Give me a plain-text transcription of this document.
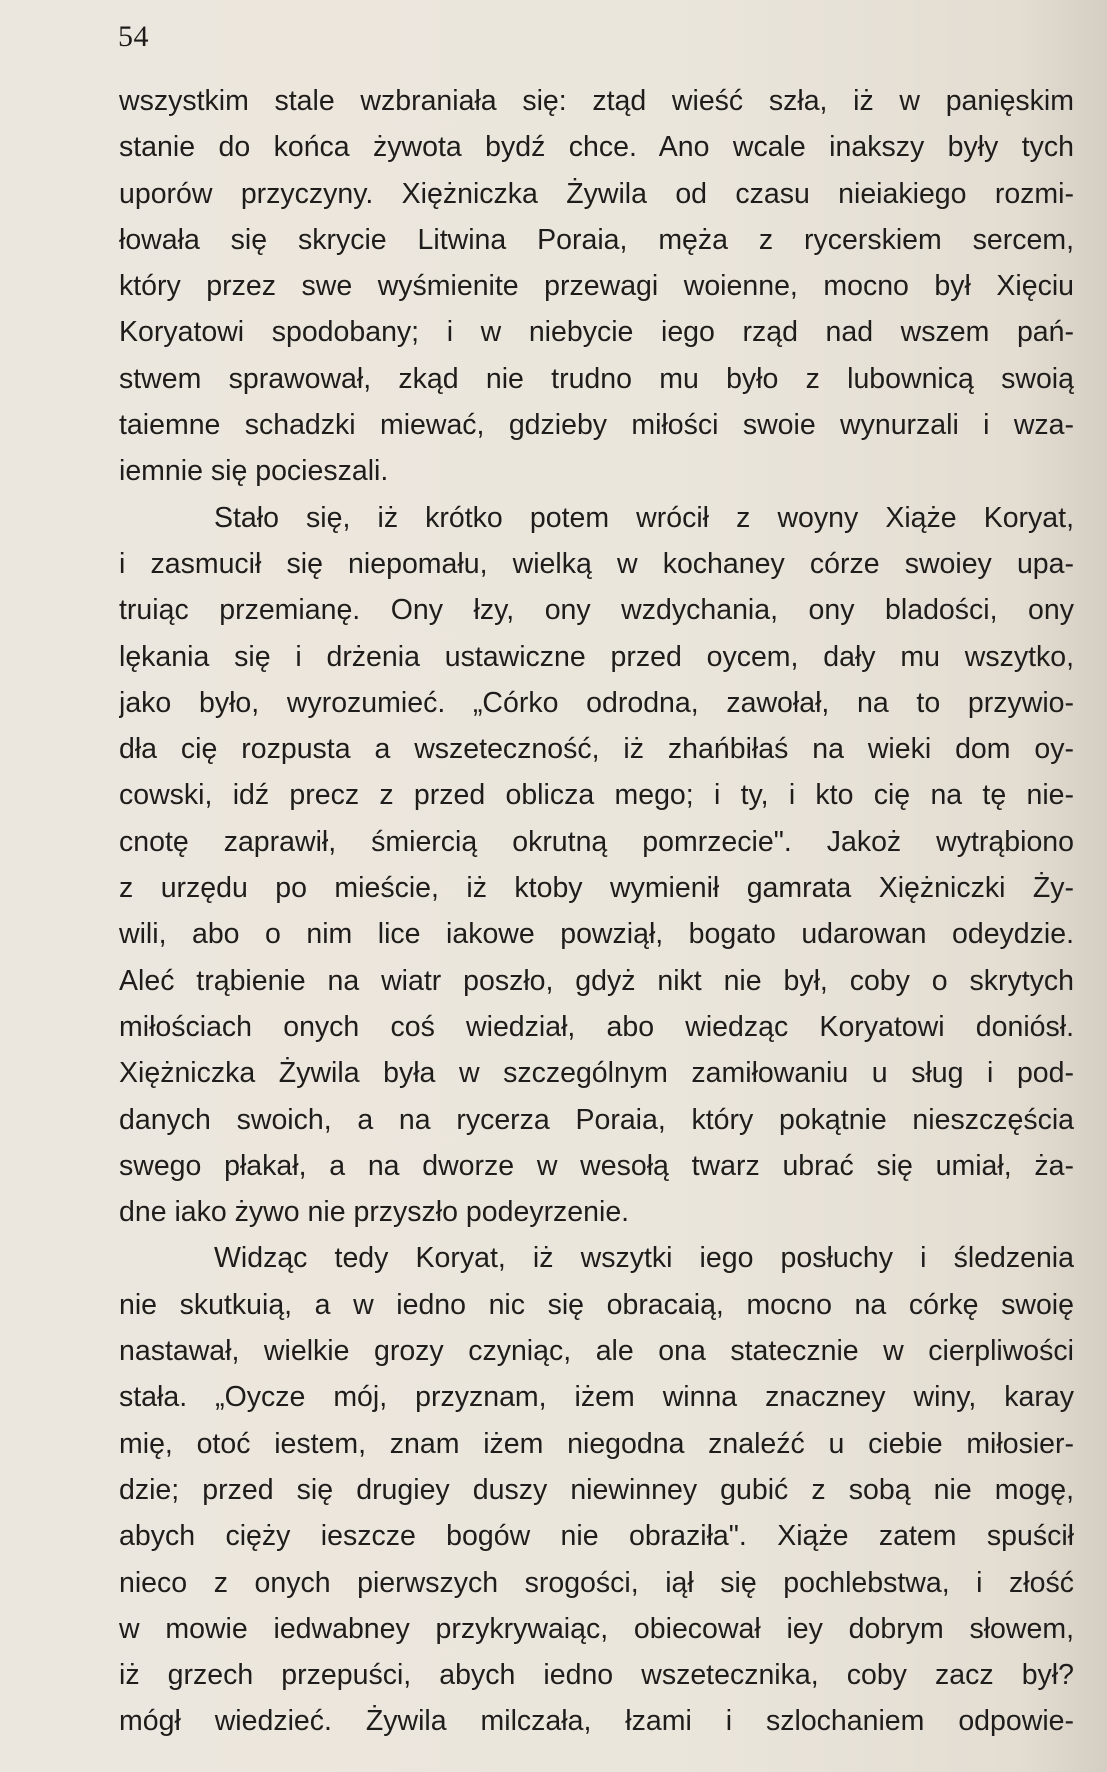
54
wszystkim stale wzbraniała się: ztąd wieść szła, iż w panięskim
stanie do końca żywota bydź chce. Ano wcale inakszy były tych
uporów przyczyny. Xiężniczka Żywila od czasu nieiakiego rozmi-
łowała się skrycie Litwina Poraia, męża z rycerskiem sercem,
który przez swe wyśmienite przewagi woienne, mocno był Xięciu
Koryatowi spodobany; i w niebycie iego rząd nad wszem pań-
stwem sprawował, zkąd nie trudno mu było z lubownicą swoią
taiemne schadzki miewać, gdzieby miłości swoie wynurzali i wza-
iemnie się pocieszali.
Stało się, iż krótko potem wrócił z woyny Xiąże Koryat,
i zasmucił się niepomału, wielką w kochaney córze swoiey upa-
truiąc przemianę. Ony łzy, ony wzdychania, ony bladości, ony
lękania się i drżenia ustawiczne przed oycem, dały mu wszytko,
jako było, wyrozumieć. „Córko odrodna, zawołał, na to przywio-
dła cię rozpusta a wszeteczność, iż zhańbiłaś na wieki dom oy-
cowski, idź precz z przed oblicza mego; i ty, i kto cię na tę nie-
cnotę zaprawił, śmiercią okrutną pomrzecie". Jakoż wytrąbiono
z urzędu po mieście, iż ktoby wymienił gamrata Xiężniczki Ży-
wili, abo o nim lice iakowe powziął, bogato udarowan odeydzie.
Aleć trąbienie na wiatr poszło, gdyż nikt nie był, coby o skrytych
miłościach onych coś wiedział, abo wiedząc Koryatowi doniósł.
Xiężniczka Żywila była w szczególnym zamiłowaniu u sług i pod-
danych swoich, a na rycerza Poraia, który pokątnie nieszczęścia
swego płakał, a na dworze w wesołą twarz ubrać się umiał, ża-
dne iako żywo nie przyszło podeyrzenie.
Widząc tedy Koryat, iż wszytki iego posłuchy i śledzenia
nie skutkuią, a w iedno nic się obracaią, mocno na córkę swoię
nastawał, wielkie grozy czyniąc, ale ona statecznie w cierpliwości
stała. „Oycze mój, przyznam, iżem winna znaczney winy, karay
mię, otoć iestem, znam iżem niegodna znaleźć u ciebie miłosier-
dzie; przed się drugiey duszy niewinney gubić z sobą nie mogę,
abych cięży ieszcze bogów nie obraziła". Xiąże zatem spuścił
nieco z onych pierwszych srogości, iął się pochlebstwa, i złość
w mowie iedwabney przykrywaiąc, obiecował iey dobrym słowem,
iż grzech przepuści, abych iedno wszetecznika, coby zacz był?
mógł wiedzieć. Żywila milczała, łzami i szlochaniem odpowie-
